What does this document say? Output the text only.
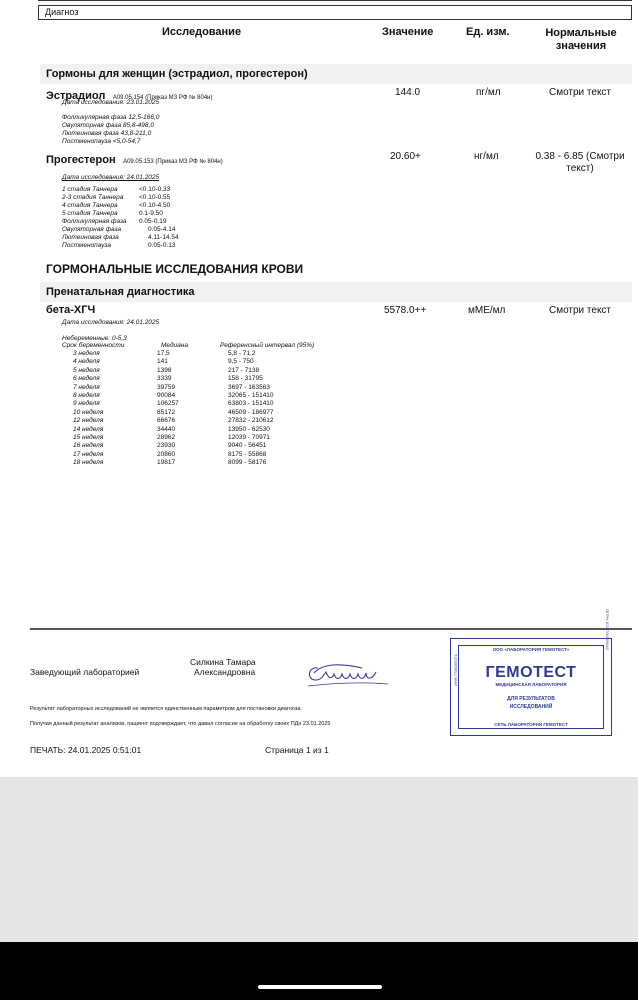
Диагноз
Исследование	Значение	Ед. изм.	Нормальные
значения
Гормоны для женщин (эстрадиол, прогестерон)
Эстрадиол А09.05.154 (Приказ МЗ РФ № 804н)	144.0	пг/мл	Смотри текст
Дата исследования: 23.01.2025
Фолликулярная фаза 12,5-166,0
Овуляторная фаза 85,8-498,0
Лютеиновая фаза 43,8-211,0
Постменопауза <5,0-54,7
Прогестерон А09.05.153 (Приказ МЗ РФ № 804н)	20.60+	нг/мл	0.38 - 6.85 (Смотри
текст)
Дата исследования: 24.01.2025
1 стадия Таннера	<0.10-0.33
2-3 стадия Таннера <0.10-0.55
4 стадия Таннера	<0.10-4.50
5 стадия Таннера	0.1-9.50
Фолликулярная фаза 0.05-0.19
Овуляторная фаза	0.05-4.14
Лютеиновая фаза	4.11-14.54
Постменопауза	0.05-0.13
ГОРМОНАЛЬНЫЕ ИССЛЕДОВАНИЯ КРОВИ
Пренатальная диагностика
бета-ХГЧ	5578.0++	мМЕ/мл	Смотри текст
Дата исследования: 24.01.2025
Небеременные: 0-5,3
Срок беременности	Медиана	Референсный интервал (95%)
3 неделя	17,5	5,8 - 71,2
4 неделя	141	9,5 - 750
5 неделя	1398	217 - 7138
6 неделя	3339	158 - 31795
7 неделя	39759	3697 - 163563
8 неделя	90084	32065 - 151410
9 неделя	106257	63803 - 151410
10 неделя	85172	46509 - 186977
12 неделя	66676	27832 - 210612
14 неделя	34440	13950 - 62530
15 неделя	28962	12039 - 70971
16 неделя	23930	9040 - 56451
17 неделя	20860	8175 - 55868
18 неделя	19817	8099 - 58176
Заведующий лабораторией
Силкина Тамара
Александровна
Результат лабораторных исследований не является единственным параметром для постановки диагноза.
Получая данный результат анализов, пациент подтверждает, что давал согласие на обработку своих ПДн 23.01.2025
ПЕЧАТЬ: 24.01.2025 0:51:01	Страница 1 из 1
ООО «ЛАБОРАТОРИЯ ГЕМОТЕСТ»
ГЕМОТЕСТ
МЕДИЦИНСКАЯ ЛАБОРАТОРИЯ
ДЛЯ РЕЗУЛЬТАТОВ
ИССЛЕДОВАНИЙ
СЕТЬ ЛАБОРАТОРИЙ ГЕМОТЕСТ
ИНН 7706355371
ОГРН 1027700005642
